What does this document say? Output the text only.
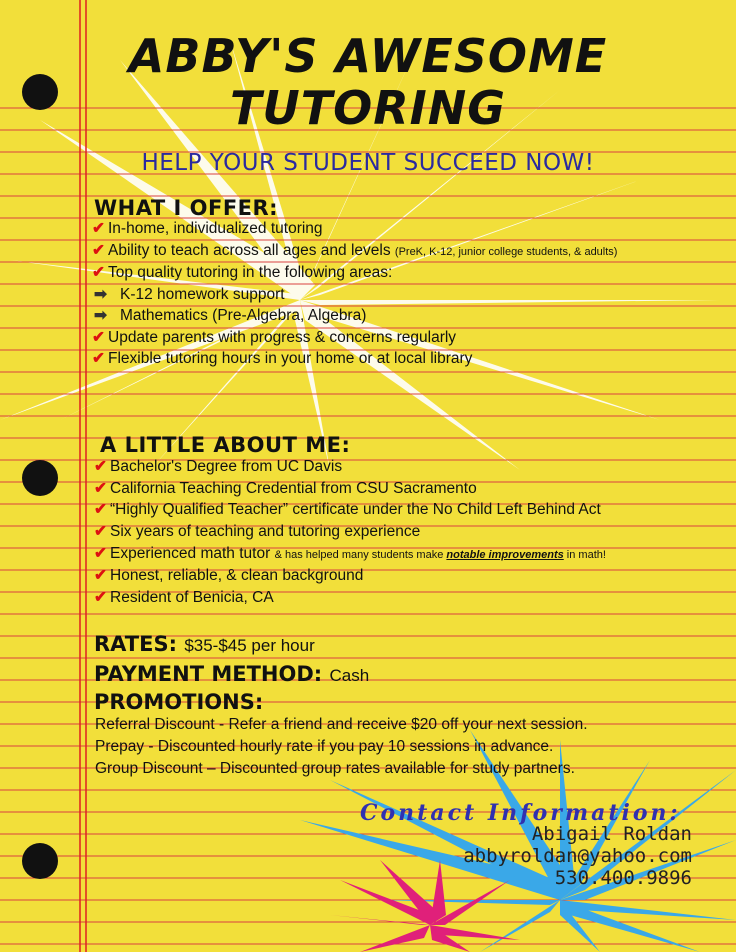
ABBY'S AWESOME
TUTORING
HELP YOUR STUDENT SUCCEED NOW!
WHAT I OFFER:
✔ In-home, individualized tutoring
✔ Ability to teach across all ages and levels (PreK, K-12, junior college students, & adults)
✔ Top quality tutoring in the following areas:
➡ K-12 homework support
➡ Mathematics (Pre-Algebra, Algebra)
✔ Update parents with progress & concerns regularly
✔ Flexible tutoring hours in your home or at local library
A LITTLE ABOUT ME:
✔ Bachelor's Degree from UC Davis
✔ California Teaching Credential from CSU Sacramento
✔ “Highly Qualified Teacher” certificate under the No Child Left Behind Act
✔ Six years of teaching and tutoring experience
✔ Experienced math tutor & has helped many students make notable improvements in math!
✔ Honest, reliable, & clean background
✔ Resident of Benicia, CA
RATES: $35-$45 per hour
PAYMENT METHOD: Cash
PROMOTIONS:
Referral Discount - Refer a friend and receive $20 off your next session.
Prepay - Discounted hourly rate if you pay 10 sessions in advance.
Group Discount – Discounted group rates available for study partners.
Contact Information:
Abigail Roldan
abbyroldan@yahoo.com
530.400.9896
